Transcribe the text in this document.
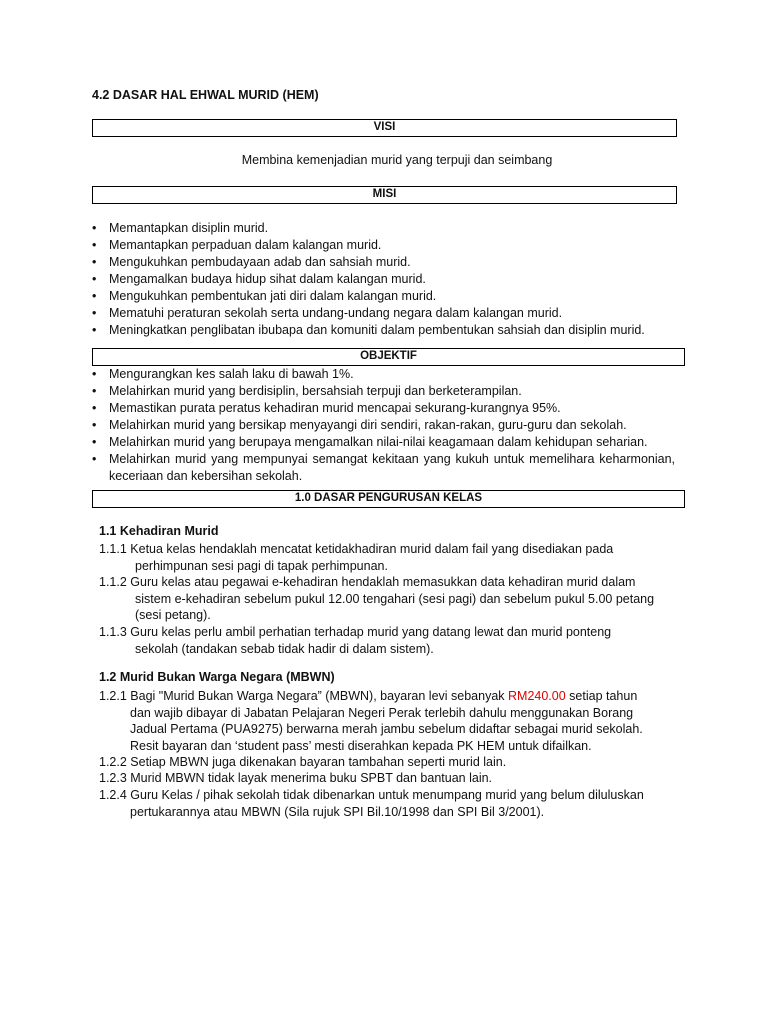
4.2 DASAR HAL EHWAL MURID (HEM)
VISI
Membina kemenjadian murid yang terpuji dan seimbang
MISI
• Memantapkan disiplin murid.
• Memantapkan perpaduan dalam kalangan murid.
• Mengukuhkan pembudayaan adab dan sahsiah murid.
• Mengamalkan budaya hidup sihat dalam kalangan murid.
• Mengukuhkan pembentukan jati diri dalam kalangan murid.
• Mematuhi peraturan sekolah serta undang-undang negara dalam kalangan murid.
• Meningkatkan penglibatan ibubapa dan komuniti dalam pembentukan sahsiah dan disiplin murid.
OBJEKTIF
• Mengurangkan kes salah laku di bawah 1%.
• Melahirkan murid yang berdisiplin, bersahsiah terpuji dan berketerampilan.
• Memastikan purata peratus kehadiran murid mencapai sekurang-kurangnya 95%.
• Melahirkan murid yang bersikap menyayangi diri sendiri, rakan-rakan, guru-guru dan sekolah.
• Melahirkan murid yang berupaya mengamalkan nilai-nilai keagamaan dalam kehidupan seharian.
• Melahirkan murid yang mempunyai semangat kekitaan yang kukuh untuk memelihara keharmonian, keceriaan dan kebersihan sekolah.
1.0 DASAR PENGURUSAN KELAS
1.1 Kehadiran Murid
1.1.1 Ketua kelas hendaklah mencatat ketidakhadiran murid dalam fail yang disediakan pada
perhimpunan sesi pagi di tapak perhimpunan.
1.1.2 Guru kelas atau pegawai e-kehadiran hendaklah memasukkan data kehadiran murid dalam
sistem e-kehadiran sebelum pukul 12.00 tengahari (sesi pagi) dan sebelum pukul 5.00 petang
(sesi petang).
1.1.3 Guru kelas perlu ambil perhatian terhadap murid yang datang lewat dan murid ponteng
sekolah (tandakan sebab tidak hadir di dalam sistem).
1.2 Murid Bukan Warga Negara (MBWN)
1.2.1 Bagi "Murid Bukan Warga Negara” (MBWN), bayaran levi sebanyak RM240.00 setiap tahun
dan wajib dibayar di Jabatan Pelajaran Negeri Perak terlebih dahulu menggunakan Borang
Jadual Pertama (PUA9275) berwarna merah jambu sebelum didaftar sebagai murid sekolah.
Resit bayaran dan ‘student pass’ mesti diserahkan kepada PK HEM untuk difailkan.
1.2.2 Setiap MBWN juga dikenakan bayaran tambahan seperti murid lain.
1.2.3 Murid MBWN tidak layak menerima buku SPBT dan bantuan lain.
1.2.4 Guru Kelas / pihak sekolah tidak dibenarkan untuk menumpang murid yang belum diluluskan
pertukarannya atau MBWN (Sila rujuk SPI Bil.10/1998 dan SPI Bil 3/2001).
